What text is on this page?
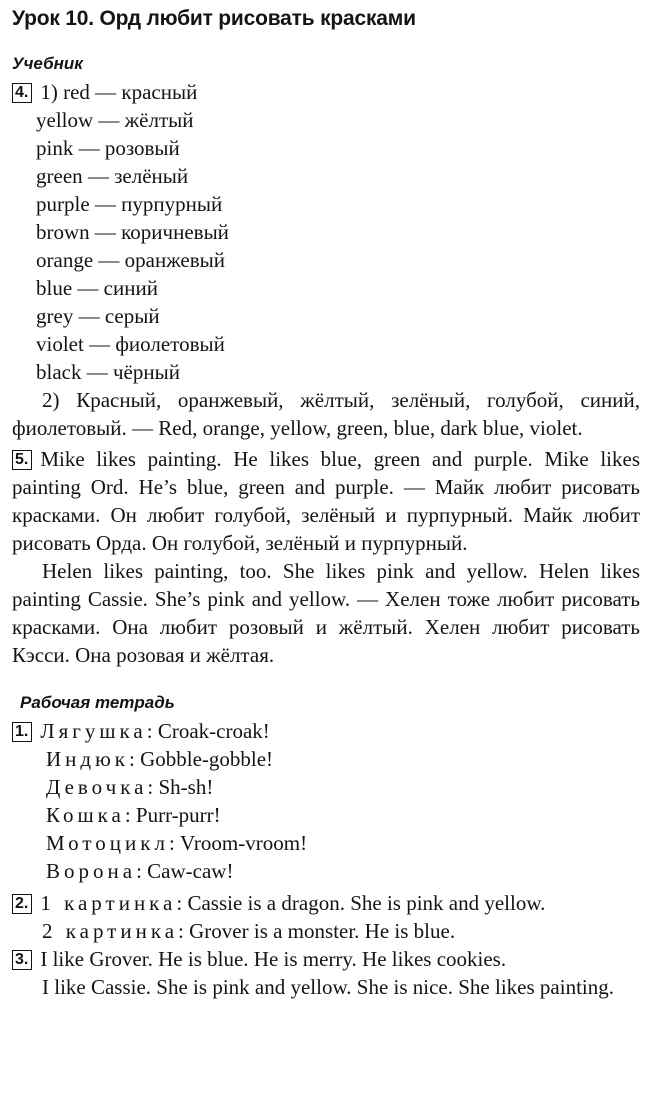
Урок 10. Орд любит рисовать красками
Учебник
4. 1) red — красный
yellow — жёлтый
pink — розовый
green — зелёный
purple — пурпурный
brown — коричневый
orange — оранжевый
blue — синий
grey — серый
violet — фиолетовый
black — чёрный
2) Красный, оранжевый, жёлтый, зелёный, голубой, синий, фиолетовый. — Red, orange, yellow, green, blue, dark blue, violet.
5. Mike likes painting. He likes blue, green and purple. Mike likes painting Ord. He’s blue, green and purple. — Майк любит рисовать красками. Он любит голубой, зелёный и пурпурный. Майк любит рисовать Орда. Он голубой, зелёный и пурпурный.
Helen likes painting, too. She likes pink and yellow. Helen likes painting Cassie. She’s pink and yellow. — Хелен тоже любит рисовать красками. Она любит розовый и жёлтый. Хелен любит рисовать Кэсси. Она розовая и жёлтая.
Рабочая тетрадь
1. Лягушка: Croak-croak!
Индюк: Gobble-gobble!
Девочка: Sh-sh!
Кошка: Purr-purr!
Мотоцикл: Vroom-vroom!
Ворона: Caw-caw!
2. 1 картинка: Cassie is a dragon. She is pink and yellow.
2 картинка: Grover is a monster. He is blue.
3. I like Grover. He is blue. He is merry. He likes cookies.
I like Cassie. She is pink and yellow. She is nice. She likes painting.
